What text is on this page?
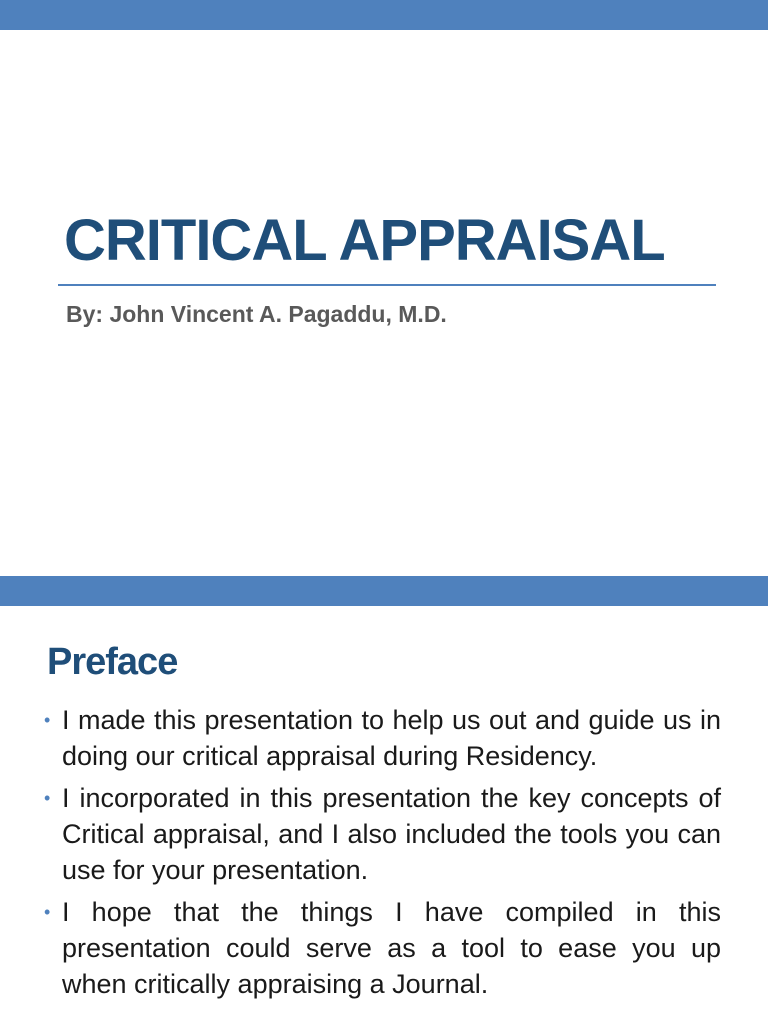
CRITICAL APPRAISAL

By: John Vincent A. Pagaddu, M.D.

Preface
• I made this presentation to help us out and guide us in doing our critical appraisal during Residency.
• I incorporated in this presentation the key concepts of Critical appraisal, and I also included the tools you can use for your presentation.
• I hope that the things I have compiled in this presentation could serve as a tool to ease you up when critically appraising a Journal.
